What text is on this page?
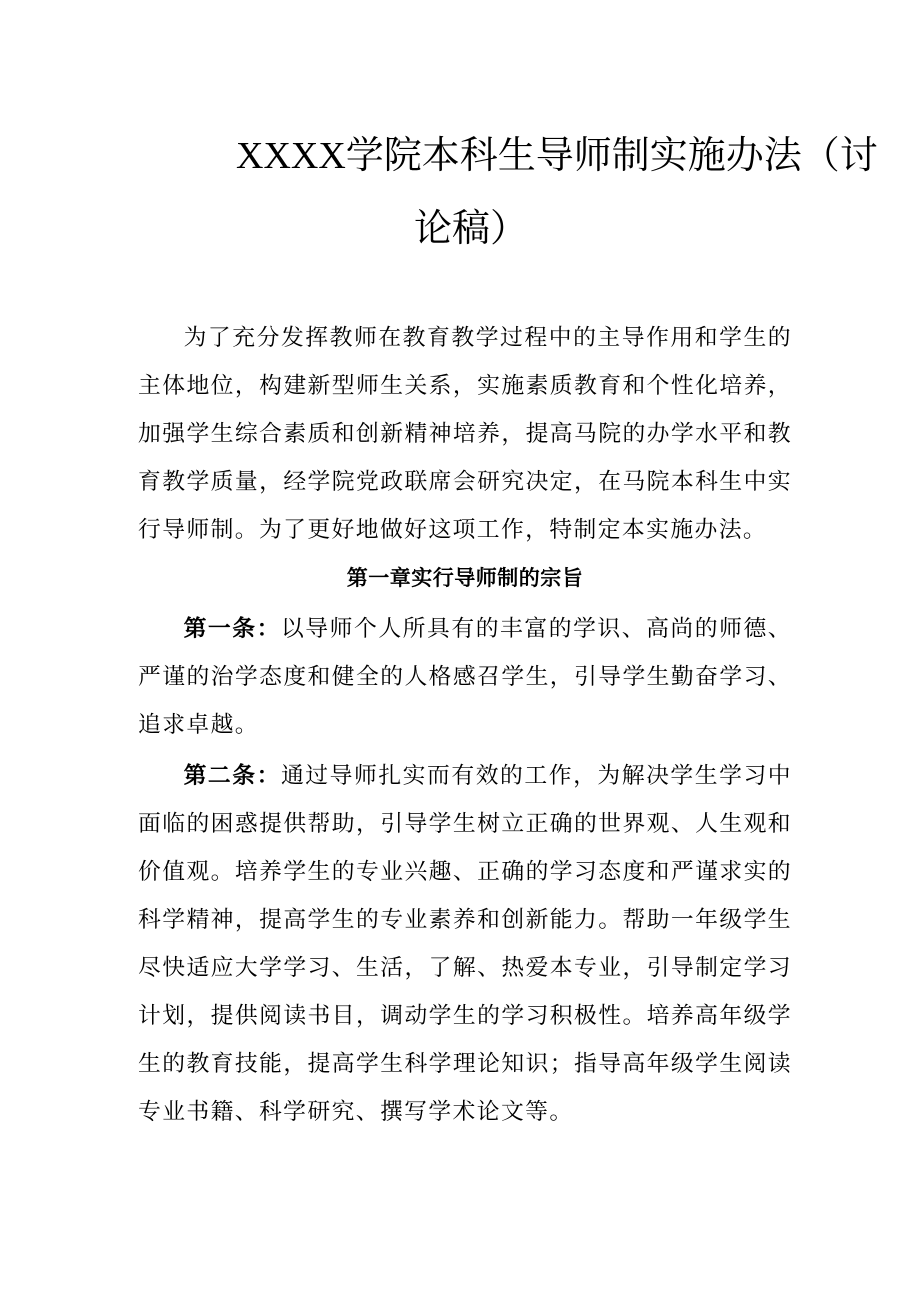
XXXX学院本科生导师制实施办法（讨
论稿）

为了充分发挥教师在教育教学过程中的主导作用和学生的主体地位，构建新型师生关系，实施素质教育和个性化培养，加强学生综合素质和创新精神培养，提高马院的办学水平和教育教学质量，经学院党政联席会研究决定，在马院本科生中实行导师制。为了更好地做好这项工作，特制定本实施办法。

第一章实行导师制的宗旨

第一条：以导师个人所具有的丰富的学识、高尚的师德、严谨的治学态度和健全的人格感召学生，引导学生勤奋学习、追求卓越。

第二条：通过导师扎实而有效的工作，为解决学生学习中面临的困惑提供帮助，引导学生树立正确的世界观、人生观和价值观。培养学生的专业兴趣、正确的学习态度和严谨求实的科学精神，提高学生的专业素养和创新能力。帮助一年级学生尽快适应大学学习、生活，了解、热爱本专业，引导制定学习计划，提供阅读书目，调动学生的学习积极性。培养高年级学生的教育技能，提高学生科学理论知识；指导高年级学生阅读专业书籍、科学研究、撰写学术论文等。
